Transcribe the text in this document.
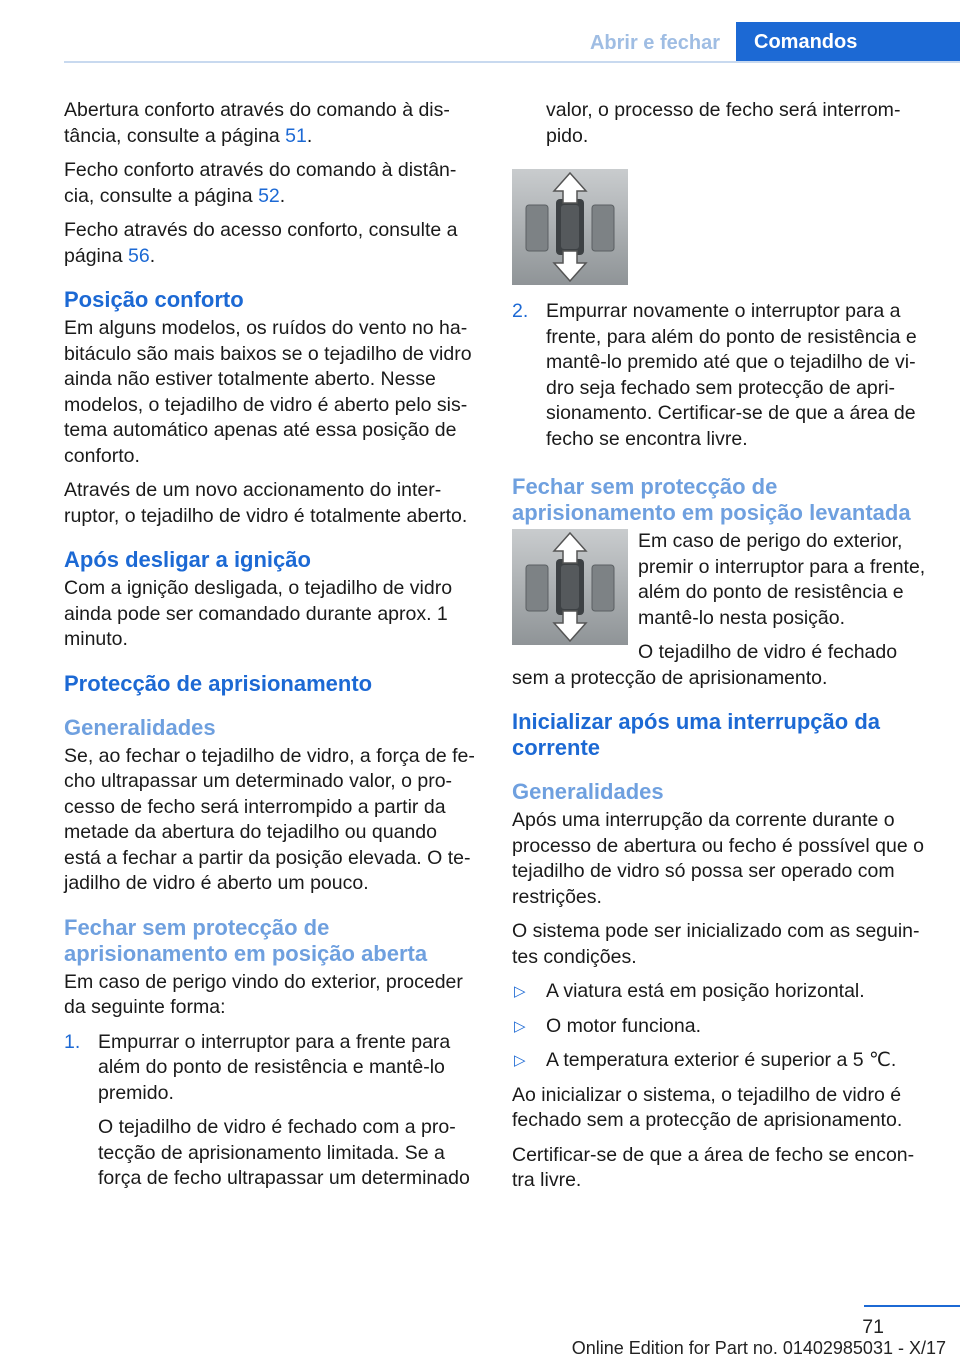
Abrir e fechar	Comandos

Abertura conforto através do comando à distância, consulte a página 51.

Fecho conforto através do comando à distância, consulte a página 52.

Fecho através do acesso conforto, consulte a página 56.

Posição conforto

Em alguns modelos, os ruídos do vento no habitáculo são mais baixos se o tejadilho de vidro ainda não estiver totalmente aberto. Nesse modelos, o tejadilho de vidro é aberto pelo sistema automático apenas até essa posição de conforto.

Através de um novo accionamento do interruptor, o tejadilho de vidro é totalmente aberto.

Após desligar a ignição

Com a ignição desligada, o tejadilho de vidro ainda pode ser comandado durante aprox. 1 minuto.

Protecção de aprisionamento
Generalidades

Se, ao fechar o tejadilho de vidro, a força de fecho ultrapassar um determinado valor, o processo de fecho será interrompido a partir da metade da abertura do tejadilho ou quando está a fechar a partir da posição elevada. O tejadilho de vidro é aberto um pouco.

Fechar sem protecção de aprisionamento em posição aberta

Em caso de perigo vindo do exterior, proceder da seguinte forma:

1. Empurrar o interruptor para a frente para além do ponto de resistência e mantê-lo premido.

O tejadilho de vidro é fechado com a protecção de aprisionamento limitada. Se a força de fecho ultrapassar um determinado

valor, o processo de fecho será interrompido.

2. Empurrar novamente o interruptor para a frente, para além do ponto de resistência e mantê-lo premido até que o tejadilho de vidro seja fechado sem protecção de aprisionamento. Certificar-se de que a área de fecho se encontra livre.

Fechar sem protecção de aprisionamento em posição levantada

Em caso de perigo do exterior, premir o interruptor para a frente, além do ponto de resistência e mantê-lo nesta posição.

O tejadilho de vidro é fechado sem a protecção de aprisionamento.

Inicializar após uma interrupção da corrente
Generalidades

Após uma interrupção da corrente durante o processo de abertura ou fecho é possível que o tejadilho de vidro só possa ser operado com restrições.

O sistema pode ser inicializado com as seguintes condições.

▷ A viatura está em posição horizontal.

▷ O motor funciona.

▷ A temperatura exterior é superior a 5 ℃.

Ao inicializar o sistema, o tejadilho de vidro é fechado sem a protecção de aprisionamento.

Certificar-se de que a área de fecho se encontra livre.

71
Online Edition for Part no. 01402985031 - X/17
